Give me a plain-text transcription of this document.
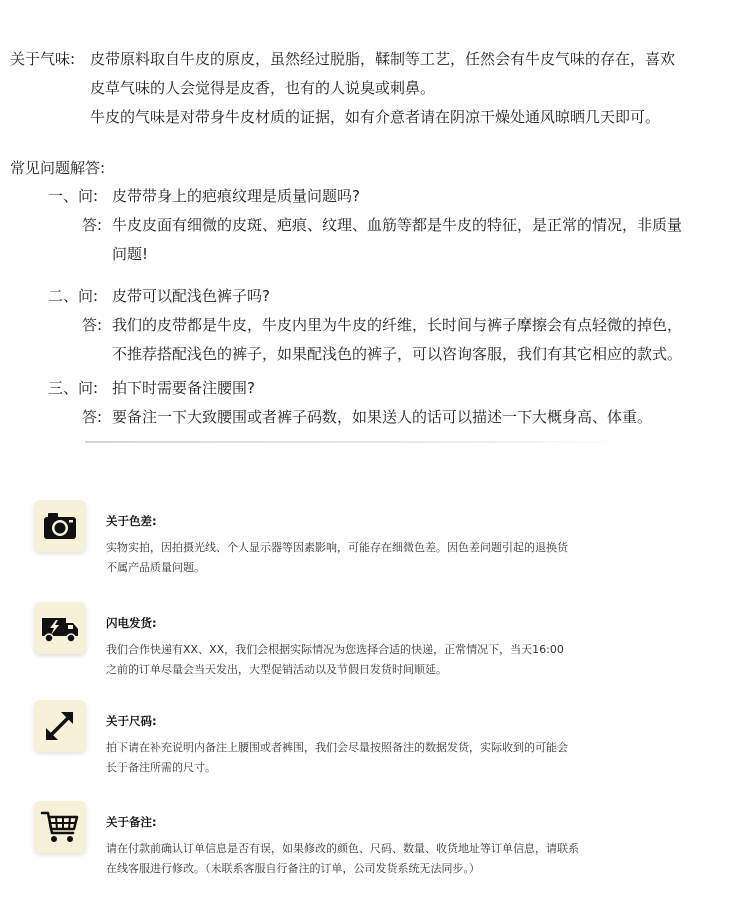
关于气味: 皮带原料取自牛皮的原皮，虽然经过脱脂，鞣制等工艺，任然会有牛皮气味的存在，喜欢
皮草气味的人会觉得是皮香，也有的人说臭或刺鼻。
牛皮的气味是对带身牛皮材质的证据，如有介意者请在阴凉干燥处通风晾晒几天即可。
常见问题解答:
一、问: 皮带带身上的疤痕纹理是质量问题吗?
答: 牛皮皮面有细微的皮斑、疤痕、纹理、血筋等都是牛皮的特征，是正常的情况，非质量
问题!
二、问: 皮带可以配浅色裤子吗?
答: 我们的皮带都是牛皮，牛皮内里为牛皮的纤维，长时间与裤子摩擦会有点轻微的掉色，
不推荐搭配浅色的裤子，如果配浅色的裤子，可以咨询客服，我们有其它相应的款式。
三、问: 拍下时需要备注腰围?
答: 要备注一下大致腰围或者裤子码数，如果送人的话可以描述一下大概身高、体重。
关于色差:
实物实拍，因拍摄光线、个人显示器等因素影响，可能存在细微色差。因色差问题引起的退换货
不属产品质量问题。
闪电发货:
我们合作快递有XX、XX，我们会根据实际情况为您选择合适的快递，正常情况下，当天16:00
之前的订单尽量会当天发出，大型促销活动以及节假日发货时间顺延。
关于尺码:
拍下请在补充说明内备注上腰围或者裤围，我们会尽量按照备注的数据发货，实际收到的可能会
长于备注所需的尺寸。
关于备注:
请在付款前确认订单信息是否有误，如果修改的颜色、尺码、数量、收货地址等订单信息，请联系
在线客服进行修改。（未联系客服自行备注的订单，公司发货系统无法同步。）
